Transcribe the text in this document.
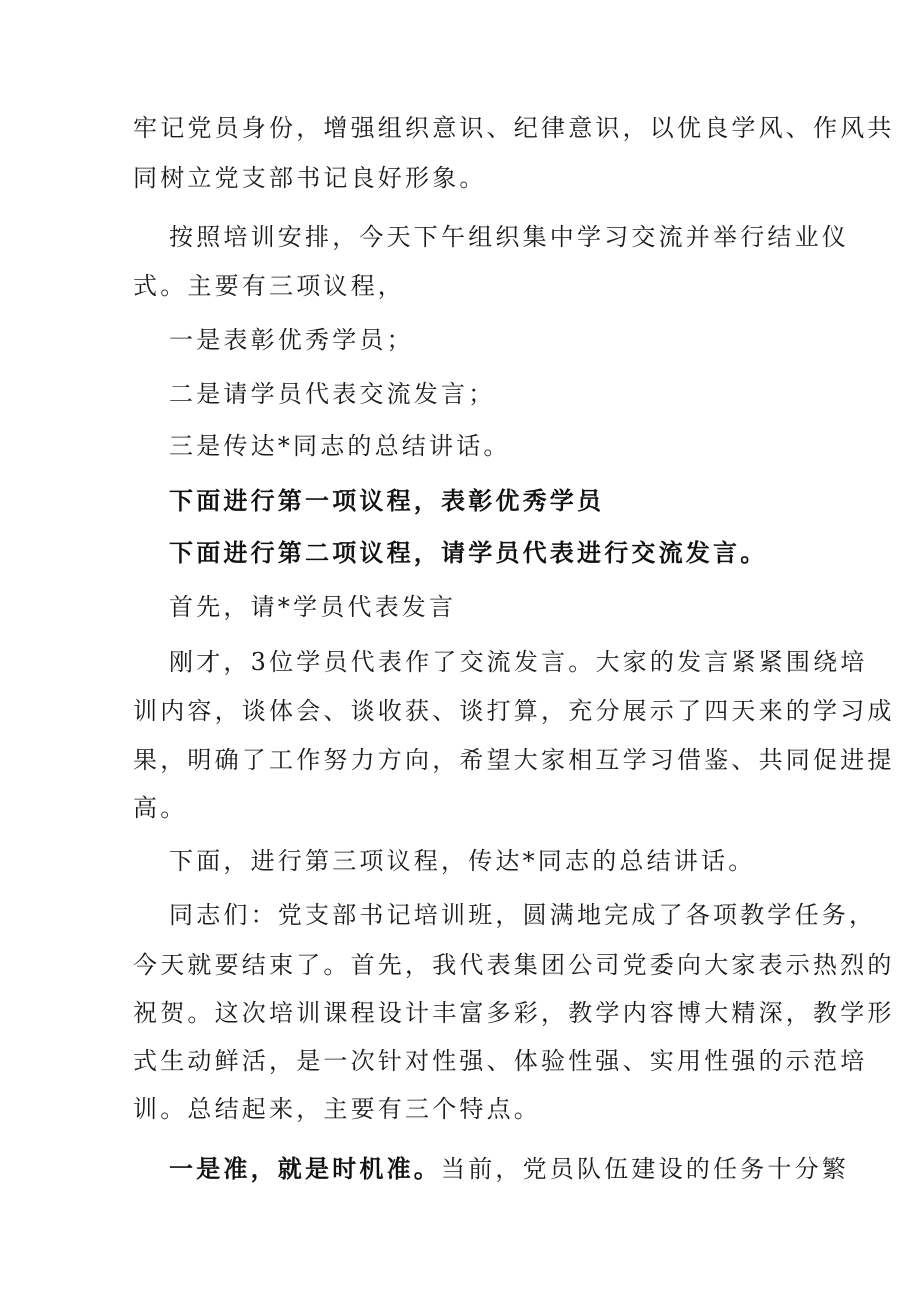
牢记党员身份，增强组织意识、纪律意识，以优良学风、作风共
同树立党支部书记良好形象。
按照培训安排，今天下午组织集中学习交流并举行结业仪
式。主要有三项议程，
一是表彰优秀学员；
二是请学员代表交流发言；
三是传达*同志的总结讲话。
下面进行第一项议程，表彰优秀学员
下面进行第二项议程，请学员代表进行交流发言。
首先，请*学员代表发言
刚才，3位学员代表作了交流发言。大家的发言紧紧围绕培
训内容，谈体会、谈收获、谈打算，充分展示了四天来的学习成
果，明确了工作努力方向，希望大家相互学习借鉴、共同促进提
高。
下面，进行第三项议程，传达*同志的总结讲话。
同志们：党支部书记培训班，圆满地完成了各项教学任务，
今天就要结束了。首先，我代表集团公司党委向大家表示热烈的
祝贺。这次培训课程设计丰富多彩，教学内容博大精深，教学形
式生动鲜活，是一次针对性强、体验性强、实用性强的示范培
训。总结起来，主要有三个特点。
一是准，就是时机准。当前，党员队伍建设的任务十分繁
